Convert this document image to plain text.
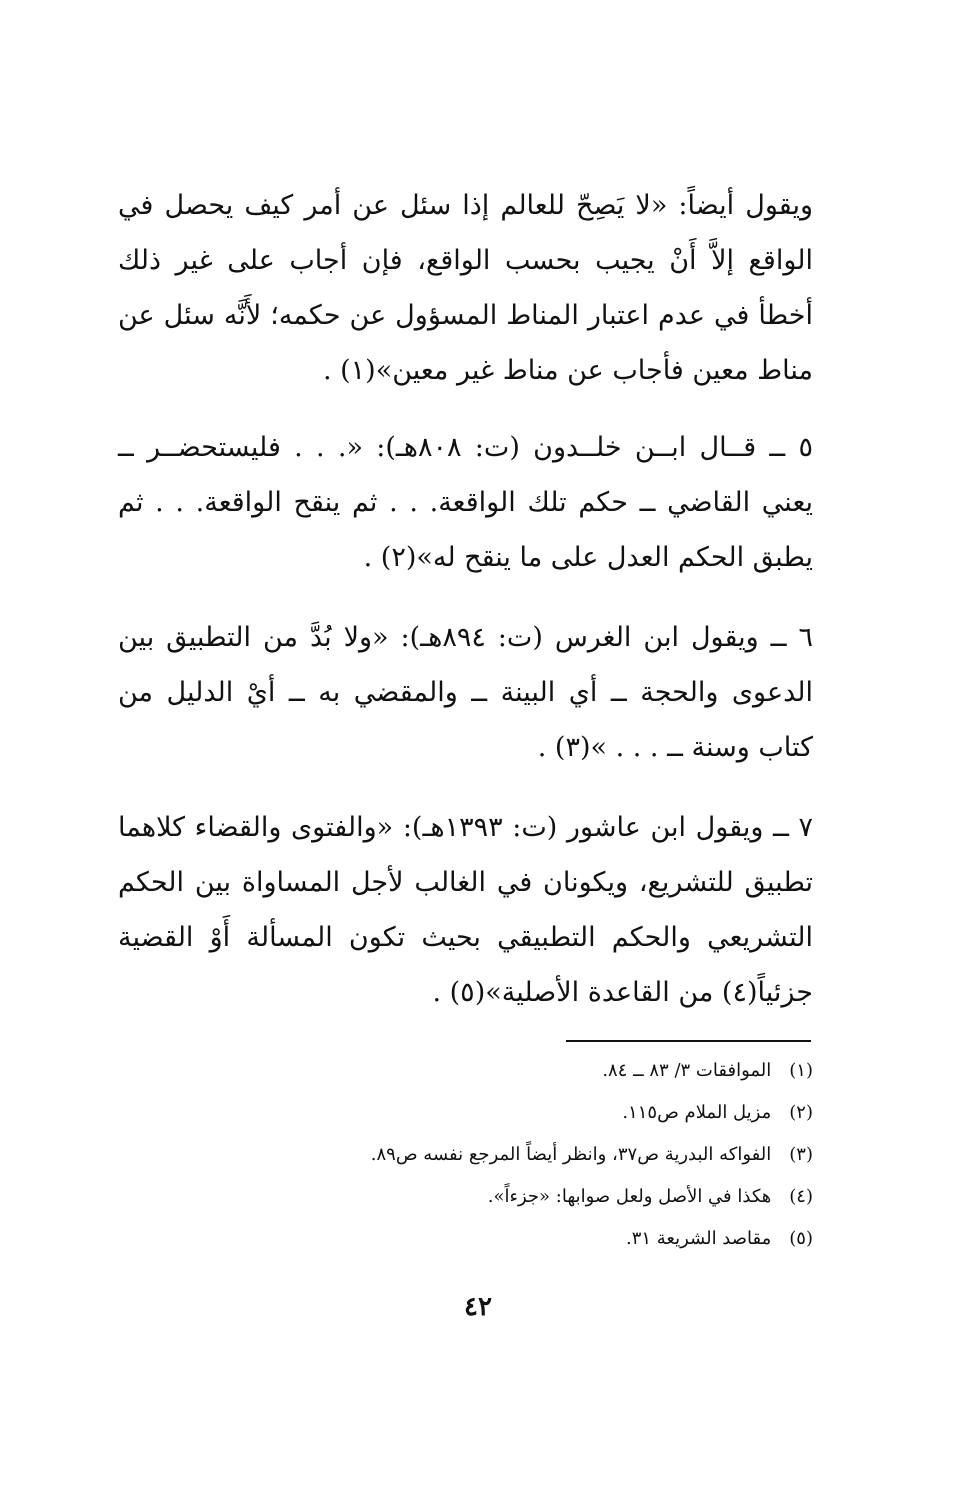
ويقول أيضاً: «لا يَصِحّ للعالم إذا سئل عن أمر كيف يحصل في الواقع إلاَّ أَنْ يجيب بحسب الواقع، فإن أجاب على غير ذلك أخطأ في عدم اعتبار المناط المسؤول عن حكمه؛ لأَنَّه سئل عن مناط معين فأجاب عن مناط غير معين»(١) .

٥ ــ قــال ابــن خلــدون (ت: ٨٠٨هـ): «. . . فليستحضــر ــ يعني القاضي ــ حكم تلك الواقعة. . . ثم ينقح الواقعة. . . ثم يطبق الحكم العدل على ما ينقح له»(٢) .

٦ ــ ويقول ابن الغرس (ت: ٨٩٤هـ): «ولا بُدَّ من التطبيق بين الدعوى والحجة ــ أي البينة ــ والمقضي به ــ أيْ الدليل من كتاب وسنة ــ . . . »(٣) .

٧ ــ ويقول ابن عاشور (ت: ١٣٩٣هـ): «والفتوى والقضاء كلاهما تطبيق للتشريع، ويكونان في الغالب لأجل المساواة بين الحكم التشريعي والحكم التطبيقي بحيث تكون المسألة أَوْ القضية جزئياً(٤) من القاعدة الأصلية»(٥) .

(١) الموافقات ٣/ ٨٣ ــ ٨٤.
(٢) مزيل الملام ص١١٥.
(٣) الفواكه البدرية ص٣٧، وانظر أيضاً المرجع نفسه ص٨٩.
(٤) هكذا في الأصل ولعل صوابها: «جزءاً».
(٥) مقاصد الشريعة ٣١.
٤٢
